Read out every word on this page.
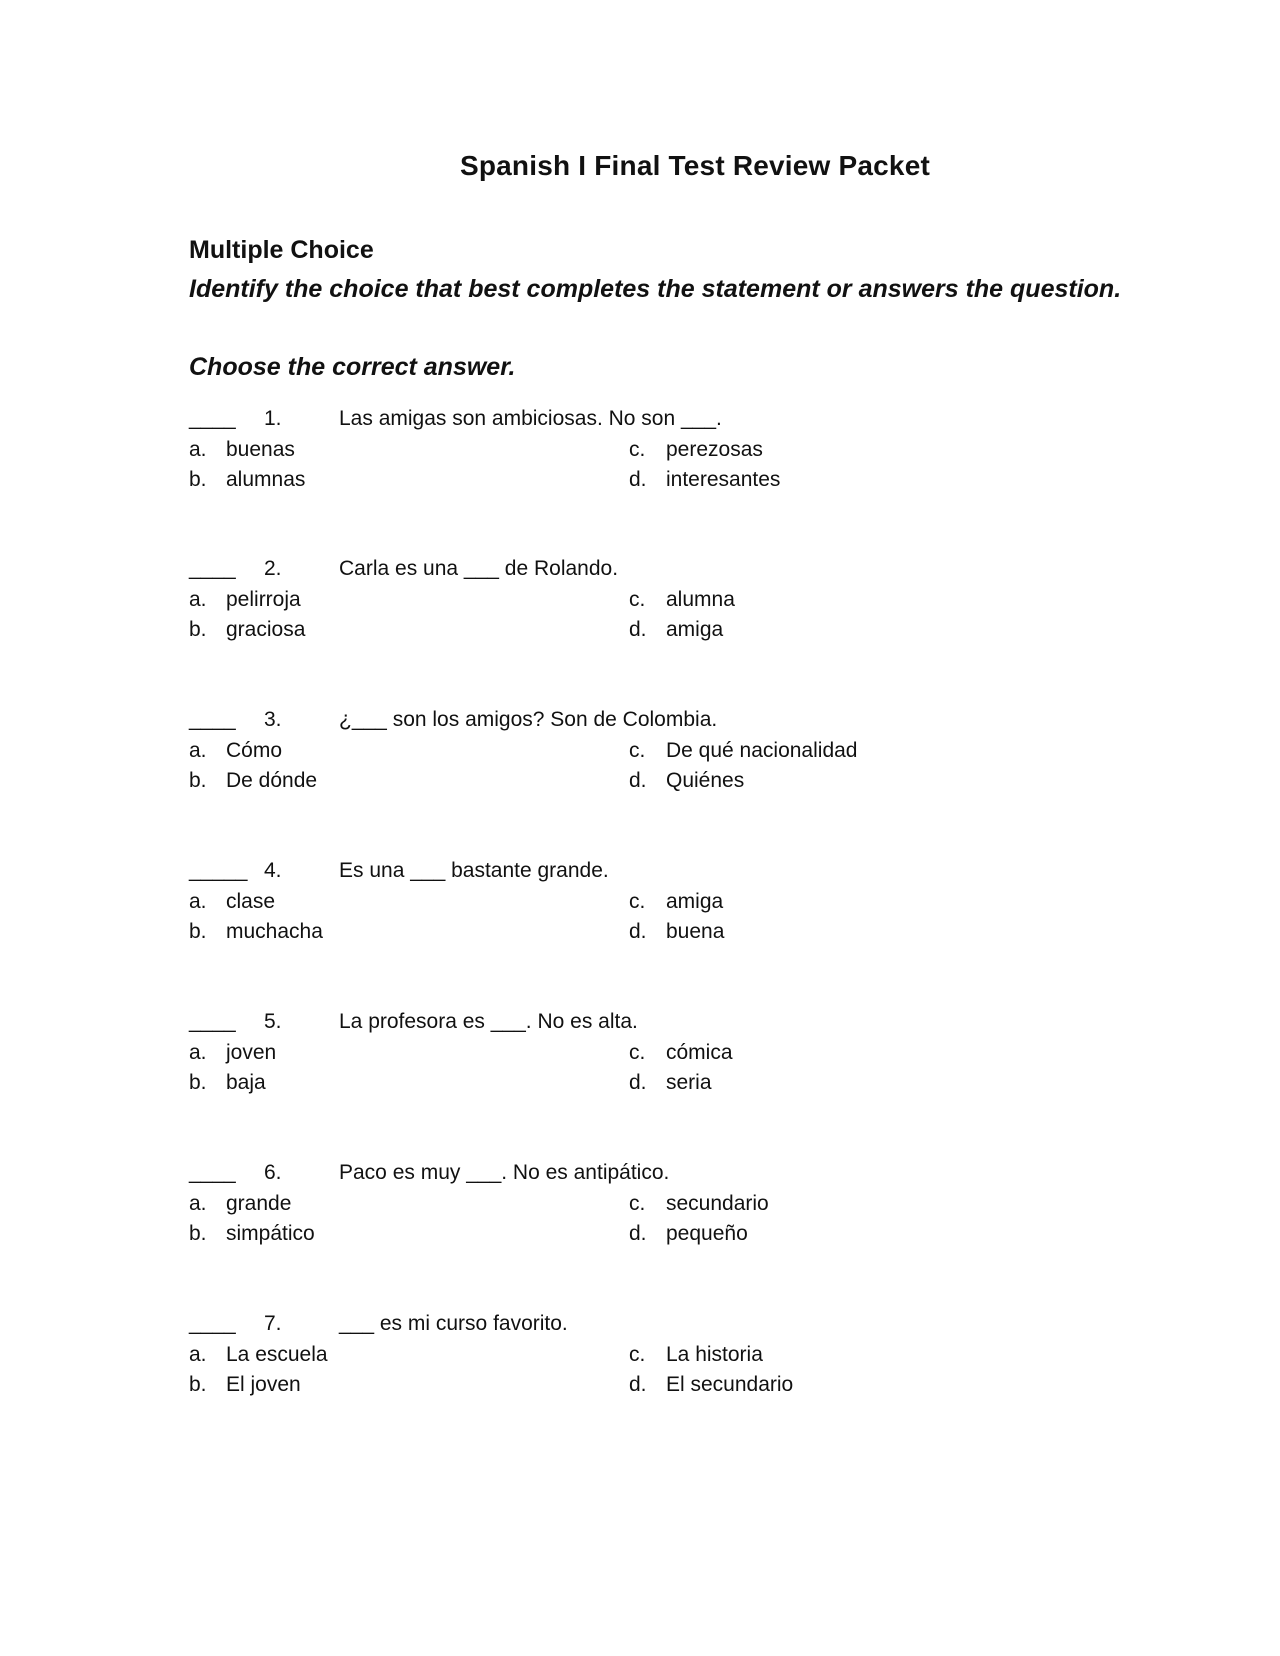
Spanish I Final Test Review Packet
Multiple Choice
Identify the choice that best completes the statement or answers the question.
Choose the correct answer.
____ 1.	Las amigas son ambiciosas. No son ___.
a. buenas
b. alumnas
c. perezosas
d. interesantes
____ 2.	Carla es una ___ de Rolando.
a. pelirroja
b. graciosa
c. alumna
d. amiga
____ 3.	¿___ son los amigos? Son de Colombia.
a. Cómo
b. De dónde
c. De qué nacionalidad
d. Quiénes
_____ 4.	Es una ___ bastante grande.
a. clase
b. muchacha
c. amiga
d. buena
____ 5.	La profesora es ___. No es alta.
a. joven
b. baja
c. cómica
d. seria
____ 6.	Paco es muy ___. No es antipático.
a. grande
b. simpático
c. secundario
d. pequeño
____ 7.	___ es mi curso favorito.
a. La escuela
b. El joven
c. La historia
d. El secundario
